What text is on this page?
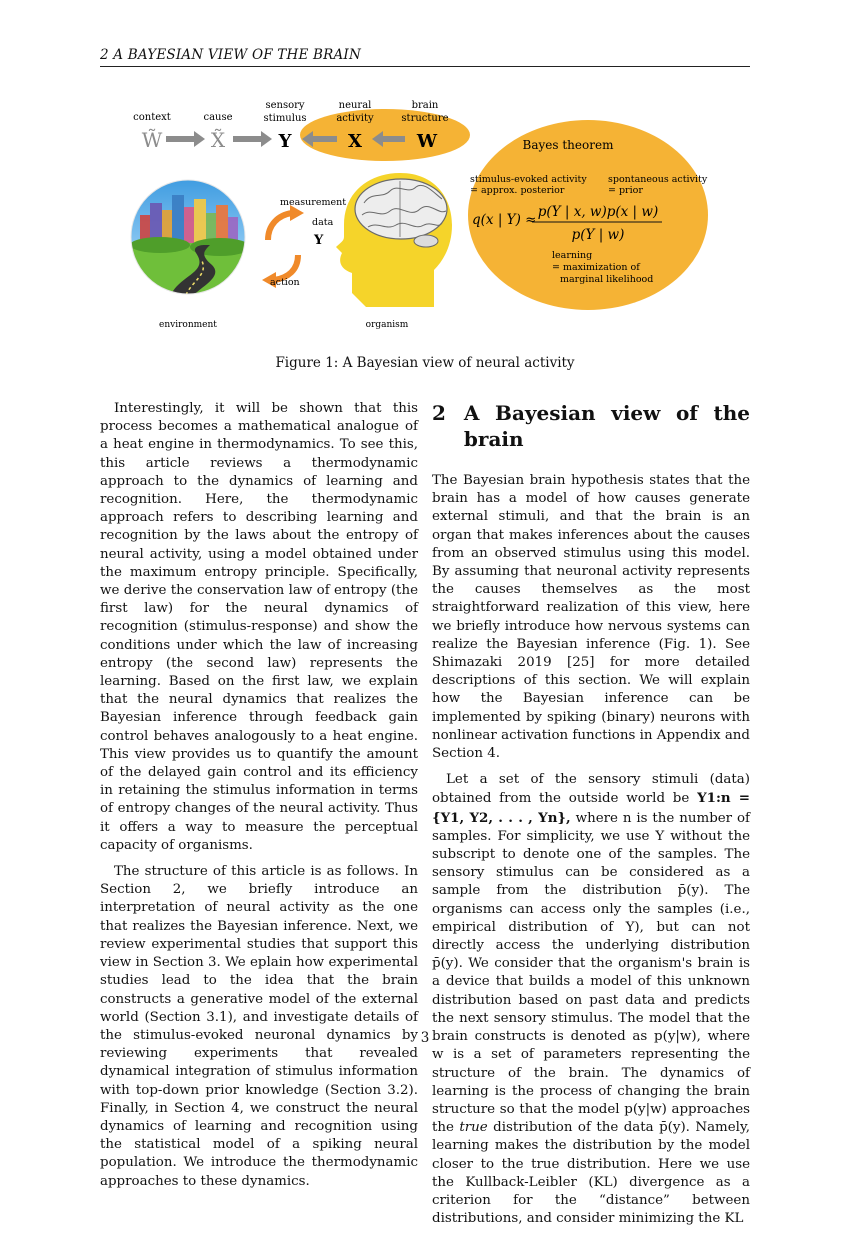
2 A BAYESIAN VIEW OF THE BRAIN
context	cause
sensory
stimulus
neural
activity
brain
structure
W̃ X̃	Y	X	W
measurement
data
Y
action
Bayes theorem
stimulus-evoked activity
= approx. posterior
spontaneous activity
= prior
q(x | Y) ≈ p(Y | x, w)p(x | w)
p(Y | w)
learning
= maximization of
marginal likelihood
environment	organism
Figure 1: A Bayesian view of neural activity

Interestingly, it will be shown that this process becomes a mathematical analogue of a heat engine in thermodynamics. To see this, this article reviews a thermodynamic approach to the dynamics of learning and recognition. Here, the thermodynamic approach refers to describing learning and recognition by the laws about the entropy of neural activity, using a model obtained under the maximum entropy principle. Specifically, we derive the conservation law of entropy (the first law) for the neural dynamics of recognition (stimulus-response) and show the conditions under which the law of increasing entropy (the second law) represents the learning. Based on the first law, we explain that the neural dynamics that realizes the Bayesian inference through feedback gain control behaves analogously to a heat engine. This view provides us to quantify the amount of the delayed gain control and its efficiency in retaining the stimulus information in terms of entropy changes of the neural activity. Thus it offers a way to measure the perceptual capacity of organisms.

The structure of this article is as follows. In Section 2, we briefly introduce an interpretation of neural activity as the one that realizes the Bayesian inference. Next, we review experimental studies that support this view in Section 3. We eplain how experimental studies lead to the idea that the brain constructs a generative model of the external world (Section 3.1), and investigate details of the stimulus-evoked neuronal dynamics by reviewing experiments that revealed dynamical integration of stimulus information with top-down prior knowledge (Section 3.2). Finally, in Section 4, we construct the neural dynamics of learning and recognition using the statistical model of a spiking neural population. We introduce the thermodynamic approaches to these dynamics.

2 A Bayesian view of the brain

The Bayesian brain hypothesis states that the brain has a model of how causes generate external stimuli, and that the brain is an organ that makes inferences about the causes from an observed stimulus using this model. By assuming that neuronal activity represents the causes themselves as the most straightforward realization of this view, here we briefly introduce how nervous systems can realize the Bayesian inference (Fig. 1). See Shimazaki 2019 [25] for more detailed descriptions of this section. We will explain how the Bayesian inference can be implemented by spiking (binary) neurons with nonlinear activation functions in Appendix and Section 4.

Let a set of the sensory stimuli (data) obtained from the outside world be Y1:n = {Y1, Y2, . . . , Yn}, where n is the number of samples. For simplicity, we use Y without the subscript to denote one of the samples. The sensory stimulus can be considered as a sample from the distribution p̄(y). The organisms can access only the samples (i.e., empirical distribution of Y), but can not directly access the underlying distribution p̄(y). We consider that the organism's brain is a device that builds a model of this unknown distribution based on past data and predicts the next sensory stimulus. The model that the brain constructs is denoted as p(y|w), where w is a set of parameters representing the structure of the brain. The dynamics of learning is the process of changing the brain structure so that the model p(y|w) approaches the true distribution of the data p̄(y). Namely, learning makes the distribution by the model closer to the true distribution. Here we use the Kullback-Leibler (KL) divergence as a criterion for the “distance” between distributions, and consider minimizing the KL

3
